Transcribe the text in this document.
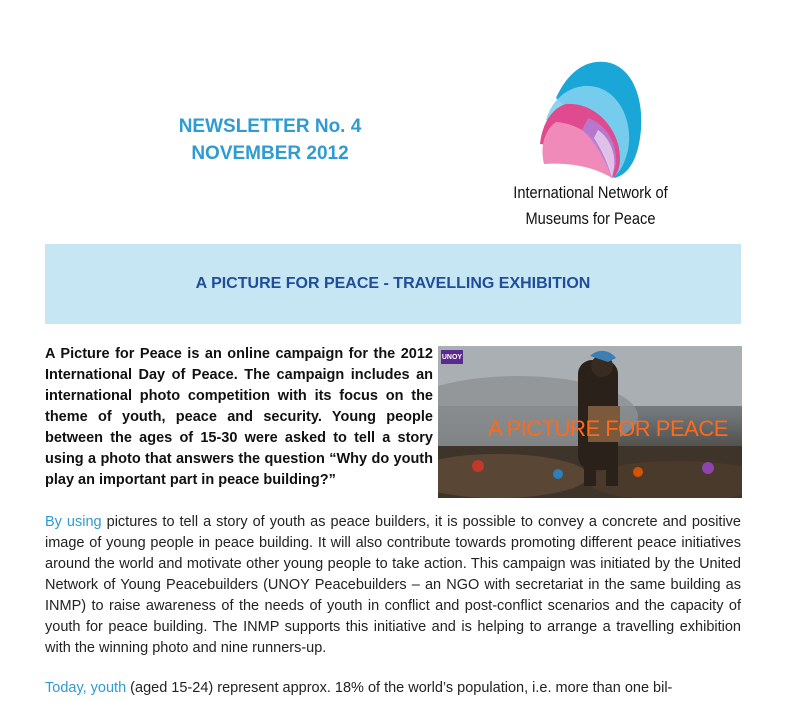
NEWSLETTER No. 4
NOVEMBER 2012
International Network of
Museums for Peace
A PICTURE FOR PEACE - TRAVELLING EXHIBITION
A Picture for Peace is an online campaign for the 2012 International Day of Peace. The campaign includes an international photo competition with its focus on the theme of youth, peace and security. Young people between the ages of 15-30 were asked to tell a story using a photo that answers the question “Why do youth play an important part in peace building?”
UNOY
A PICTURE FOR PEACE
By using pictures to tell a story of youth as peace builders, it is possible to convey a concrete and positive image of young people in peace building. It will also contribute towards promoting different peace initiatives around the world and motivate other young people to take action. This campaign was initiated by the United Network of Young Peacebuilders (UNOY Peacebuilders – an NGO with secretariat in the same building as INMP) to raise awareness of the needs of youth in conflict and post-conflict scenarios and the capacity of youth for peace building. The INMP supports this initiative and is helping to arrange a travelling exhibition with the winning photo and nine runners-up.
Today, youth (aged 15-24) represent approx. 18% of the world’s population, i.e. more than one bil-
